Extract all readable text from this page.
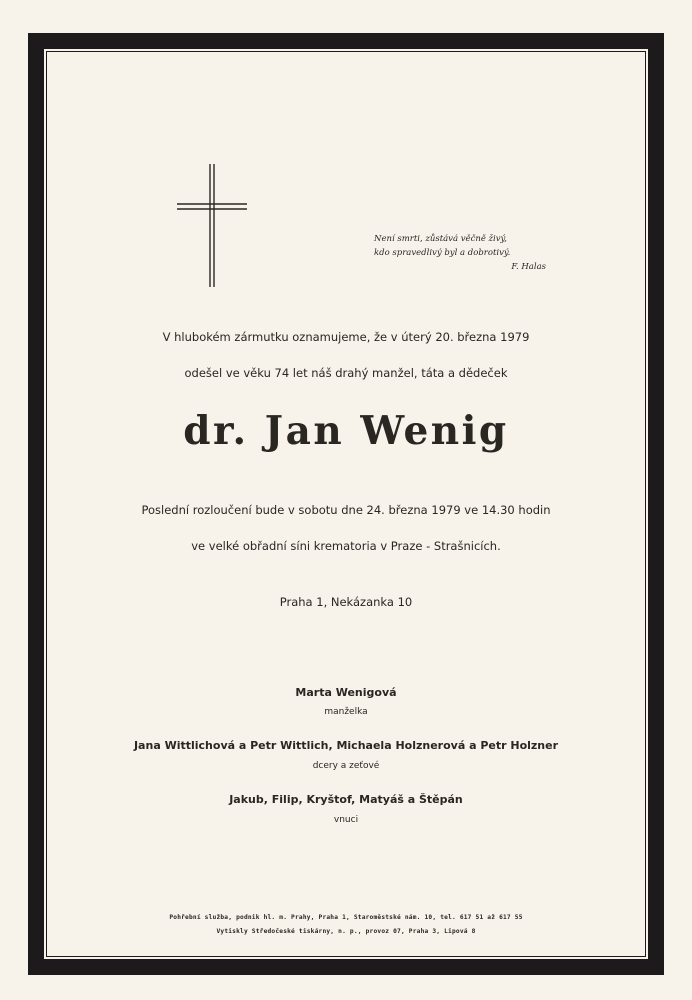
Není smrti, zůstává věčně živý,
kdo spravedlivý byl a dobrotivý.
F. Halas
V hlubokém zármutku oznamujeme, že v úterý 20. března 1979
odešel ve věku 74 let náš drahý manžel, táta a dědeček
dr. Jan Wenig
Poslední rozloučení bude v sobotu dne 24. března 1979 ve 14.30 hodin
ve velké obřadní síni krematoria v Praze - Strašnicích.
Praha 1, Nekázanka 10
Marta Wenigová
manželka
Jana Wittlichová a Petr Wittlich, Michaela Holznerová a Petr Holzner
dcery a zeťové
Jakub, Filip, Kryštof, Matyáš a Štěpán
vnuci
Pohřební služba, podnik hl. m. Prahy, Praha 1, Staroměstské nám. 10, tel. 617 51 až 617 55
Vytiskly Středočeské tiskárny, n. p., provoz 07, Praha 3, Lipová 8
